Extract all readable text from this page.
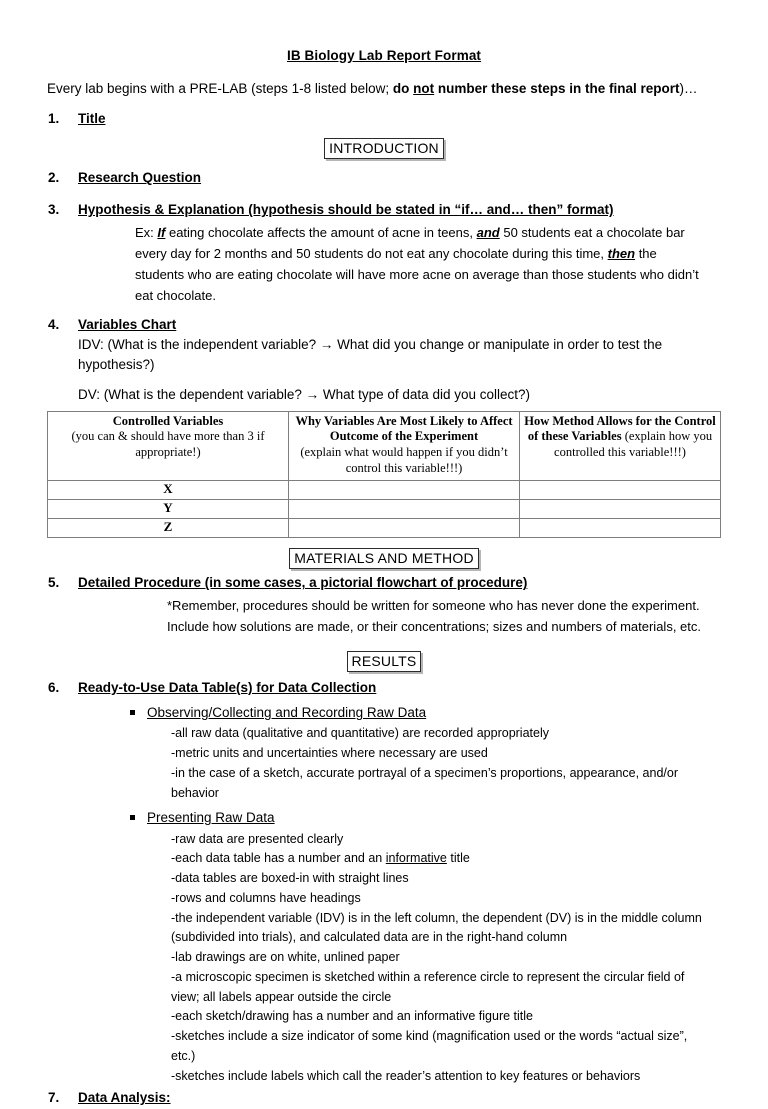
IB Biology Lab Report Format

Every lab begins with a PRE-LAB (steps 1-8 listed below; do not number these steps in the final report)…

1.	Title
INTRODUCTION
2.	Research Question
3.	Hypothesis & Explanation (hypothesis should be stated in “if… and… then” format)

Ex: If eating chocolate affects the amount of acne in teens, and 50 students eat a chocolate bar every day for 2 months and 50 students do not eat any chocolate during this time, then the students who are eating chocolate will have more acne on average than those students who didn’t eat chocolate.

4.	Variables Chart

IDV: (What is the independent variable? → What did you change or manipulate in order to test the hypothesis?)

DV: (What is the dependent variable? → What type of data did you collect?)

Controlled Variables
(you can & should have more than 3 if appropriate!)	Why Variables Are Most Likely to Affect Outcome of the Experiment
(explain what would happen if you didn’t control this variable!!!)	How Method Allows for the Control of these Variables (explain how you controlled this variable!!!)
X		
Y		
Z		
MATERIALS AND METHOD
5.	Detailed Procedure (in some cases, a pictorial flowchart of procedure)

*Remember, procedures should be written for someone who has never done the experiment.

Include how solutions are made, or their concentrations; sizes and numbers of materials, etc.

RESULTS
6.	Ready-to-Use Data Table(s) for Data Collection
Observing/Collecting and Recording Raw Data
-all raw data (qualitative and quantitative) are recorded appropriately
-metric units and uncertainties where necessary are used
-in the case of a sketch, accurate portrayal of a specimen’s proportions, appearance, and/or behavior
Presenting Raw Data
-raw data are presented clearly
-each data table has a number and an informative title
-data tables are boxed-in with straight lines
-rows and columns have headings
-the independent variable (IDV) is in the left column, the dependent (DV) is in the middle column (subdivided into trials), and calculated data are in the right-hand column
-lab drawings are on white, unlined paper
-a microscopic specimen is sketched within a reference circle to represent the circular field of view; all labels appear outside the circle
-each sketch/drawing has a number and an informative figure title
-sketches include a size indicator of some kind (magnification used or the words “actual size”, etc.)
-sketches include labels which call the reader’s attention to key features or behaviors

7.	Data Analysis:
